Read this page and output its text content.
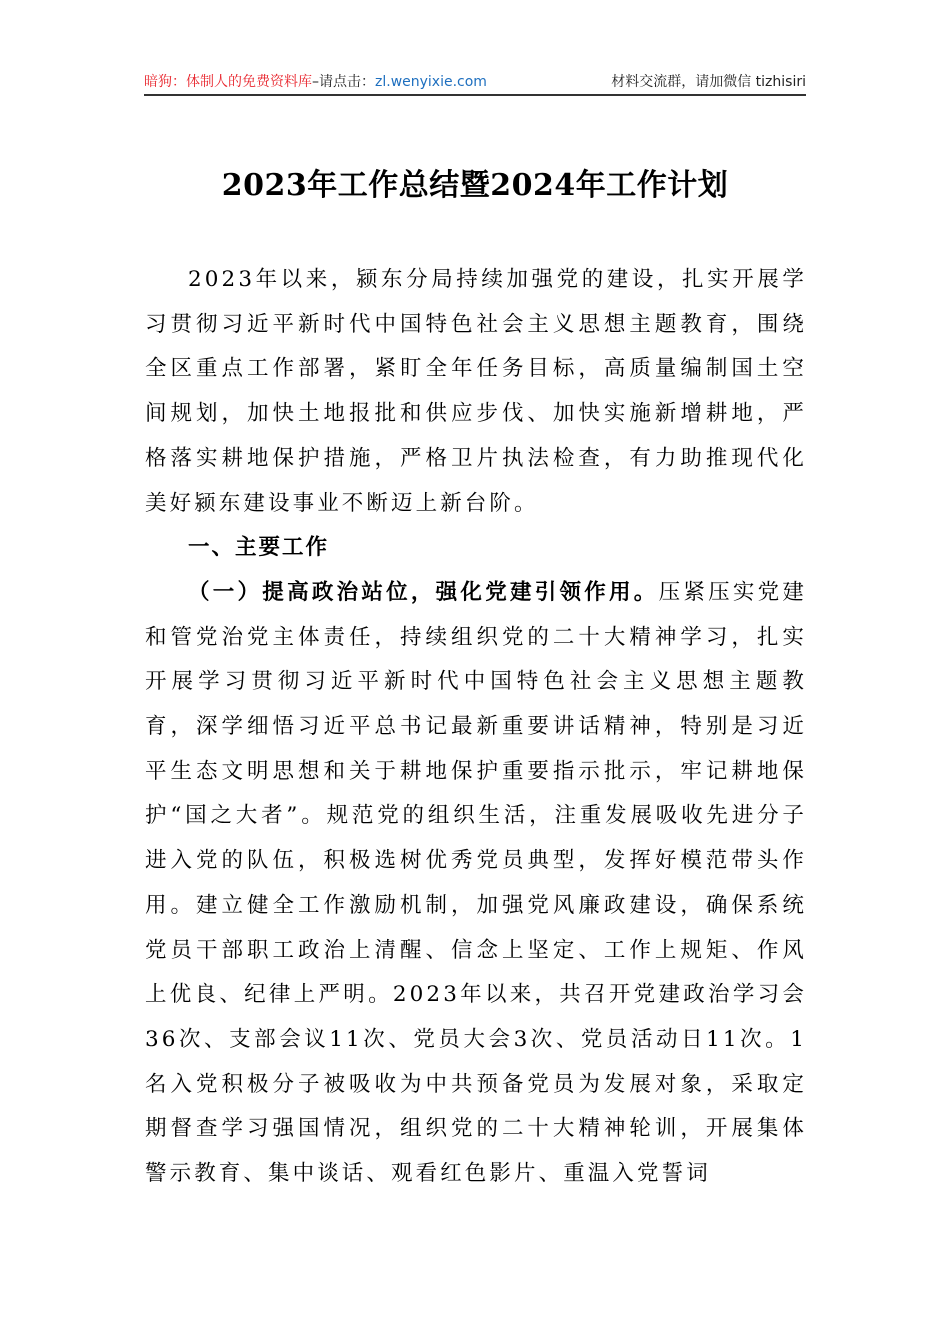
暗狗：体制人的免费资料库 –请点击： zl.wenyixie.com	材料交流群，请加微信 tizhisiri
2023年工作总结暨2024年工作计划

2023年以来，颍东分局持续加强党的建设，扎实开展学习贯彻习近平新时代中国特色社会主义思想主题教育，围绕全区重点工作部署，紧盯全年任务目标，高质量编制国土空间规划，加快土地报批和供应步伐、加快实施新增耕地，严格落实耕地保护措施，严格卫片执法检查，有力助推现代化美好颍东建设事业不断迈上新台阶。

一、主要工作

（一）提高政治站位，强化党建引领作用。压紧压实党建和管党治党主体责任，持续组织党的二十大精神学习，扎实开展学习贯彻习近平新时代中国特色社会主义思想主题教育，深学细悟习近平总书记最新重要讲话精神，特别是习近平生态文明思想和关于耕地保护重要指示批示，牢记耕地保护“国之大者”。规范党的组织生活，注重发展吸收先进分子进入党的队伍，积极选树优秀党员典型，发挥好模范带头作用。建立健全工作激励机制，加强党风廉政建设，确保系统党员干部职工政治上清醒、信念上坚定、工作上规矩、作风上优良、纪律上严明。2023年以来，共召开党建政治学习会36次、支部会议11次、党员大会3次、党员活动日11次。1名入党积极分子被吸收为中共预备党员为发展对象，采取定期督查学习强国情况，组织党的二十大精神轮训，开展集体警示教育、集中谈话、观看红色影片、重温入党誓词
